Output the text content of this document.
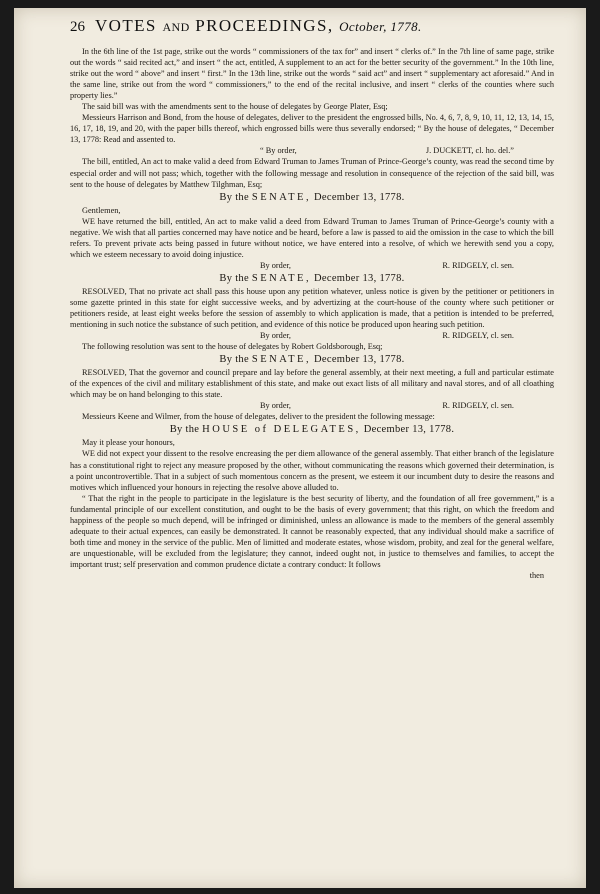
26 VOTES
AND
PROCEEDINGS,
October, 1778.

In the 6th line of the 1st page, strike out the words “ commissioners of the tax for” and insert “ clerks of.” In the 7th line of same page, strike out the words “ said recited act,” and insert “ the act, entitled, A supplement to an act for the better security of the government.” In the 10th line, strike out the word “ above” and insert “ first.” In the 13th line, strike out the words “ said act” and insert “ supplementary act aforesaid.” And in the same line, strike out from the word “ commissioners,” to the end of the recital inclusive, and insert “ clerks of the counties where such property lies.”

The said bill was with the amendments sent to the house of delegates by George Plater, Esq;

Messieurs Harrison and Bond, from the house of delegates, deliver to the president the engrossed bills, No. 4, 6, 7, 8, 9, 10, 11, 12, 13, 14, 15, 16, 17, 18, 19, and 20, with the paper bills thereof, which engrossed bills were thus severally endorsed; “ By the house of delegates, “ December 13, 1778: Read and assented to.

“ By order,	J. DUCKETT, cl. ho. del.”

The bill, entitled, An act to make valid a deed from Edward Truman to James Truman of Prince-George’s county, was read the second time by especial order and will not pass; which, together with the following message and resolution in consequence of the rejection of the said bill, was sent to the house of delegates by Matthew Tilghman, Esq;

By the SENATE, December 13, 1778.

Gentlemen,

WE have returned the bill, entitled, An act to make valid a deed from Edward Truman to James Truman of Prince-George’s county with a negative. We wish that all parties concerned may have notice and be heard, before a law is passed to aid the omission in the case to which the bill refers. To prevent private acts being passed in future without notice, we have entered into a resolve, of which we herewith send you a copy, which we esteem necessary to avoid doing injustice.

By order,	R. RIDGELY, cl. sen.
By the SENATE, December 13, 1778.

RESOLVED, That no private act shall pass this house upon any petition whatever, unless notice is given by the petitioner or petitioners in some gazette printed in this state for eight successive weeks, and by advertizing at the court-house of the county where such petitioner or petitioners reside, at least eight weeks before the session of assembly to which application is made, that a petition is intended to be preferred, mentioning in such notice the substance of such petition, and evidence of this notice be produced upon hearing such petition.

By order,	R. RIDGELY, cl. sen.

The following resolution was sent to the house of delegates by Robert Goldsborough, Esq;

By the SENATE, December 13, 1778.

RESOLVED, That the governor and council prepare and lay before the general assembly, at their next meeting, a full and particular estimate of the expences of the civil and military establishment of this state, and make out exact lists of all military and naval stores, and of all cloathing which may be on hand belonging to this state.

By order,	R. RIDGELY, cl. sen.

Messieurs Keene and Wilmer, from the house of delegates, deliver to the president the following message:

By the HOUSE of DELEGATES, December 13, 1778.

May it please your honours,

WE did not expect your dissent to the resolve encreasing the per diem allowance of the general assembly. That either branch of the legislature has a constitutional right to reject any measure proposed by the other, without communicating the reasons which governed their determination, is a point uncontrovertible. That in a subject of such momentous concern as the present, we esteem it our incumbent duty to desire the reasons and motives which influenced your honours in rejecting the resolve above alluded to.

“ That the right in the people to participate in the legislature is the best security of liberty, and the foundation of all free government,” is a fundamental principle of our excellent constitution, and ought to be the basis of every government; that this right, on which the freedom and happiness of the people so much depend, will be infringed or diminished, unless an allowance is made to the members of the general assembly adequate to their actual expences, can easily be demonstrated. It cannot be reasonably expected, that any individual should make a sacrifice of both time and money in the service of the public. Men of limitted and moderate estates, whose wisdom, probity, and zeal for the general welfare, are unquestionable, will be excluded from the legislature; they cannot, indeed ought not, in justice to themselves and families, to accept the important trust; self preservation and common prudence dictate a contrary conduct: It follows

then
